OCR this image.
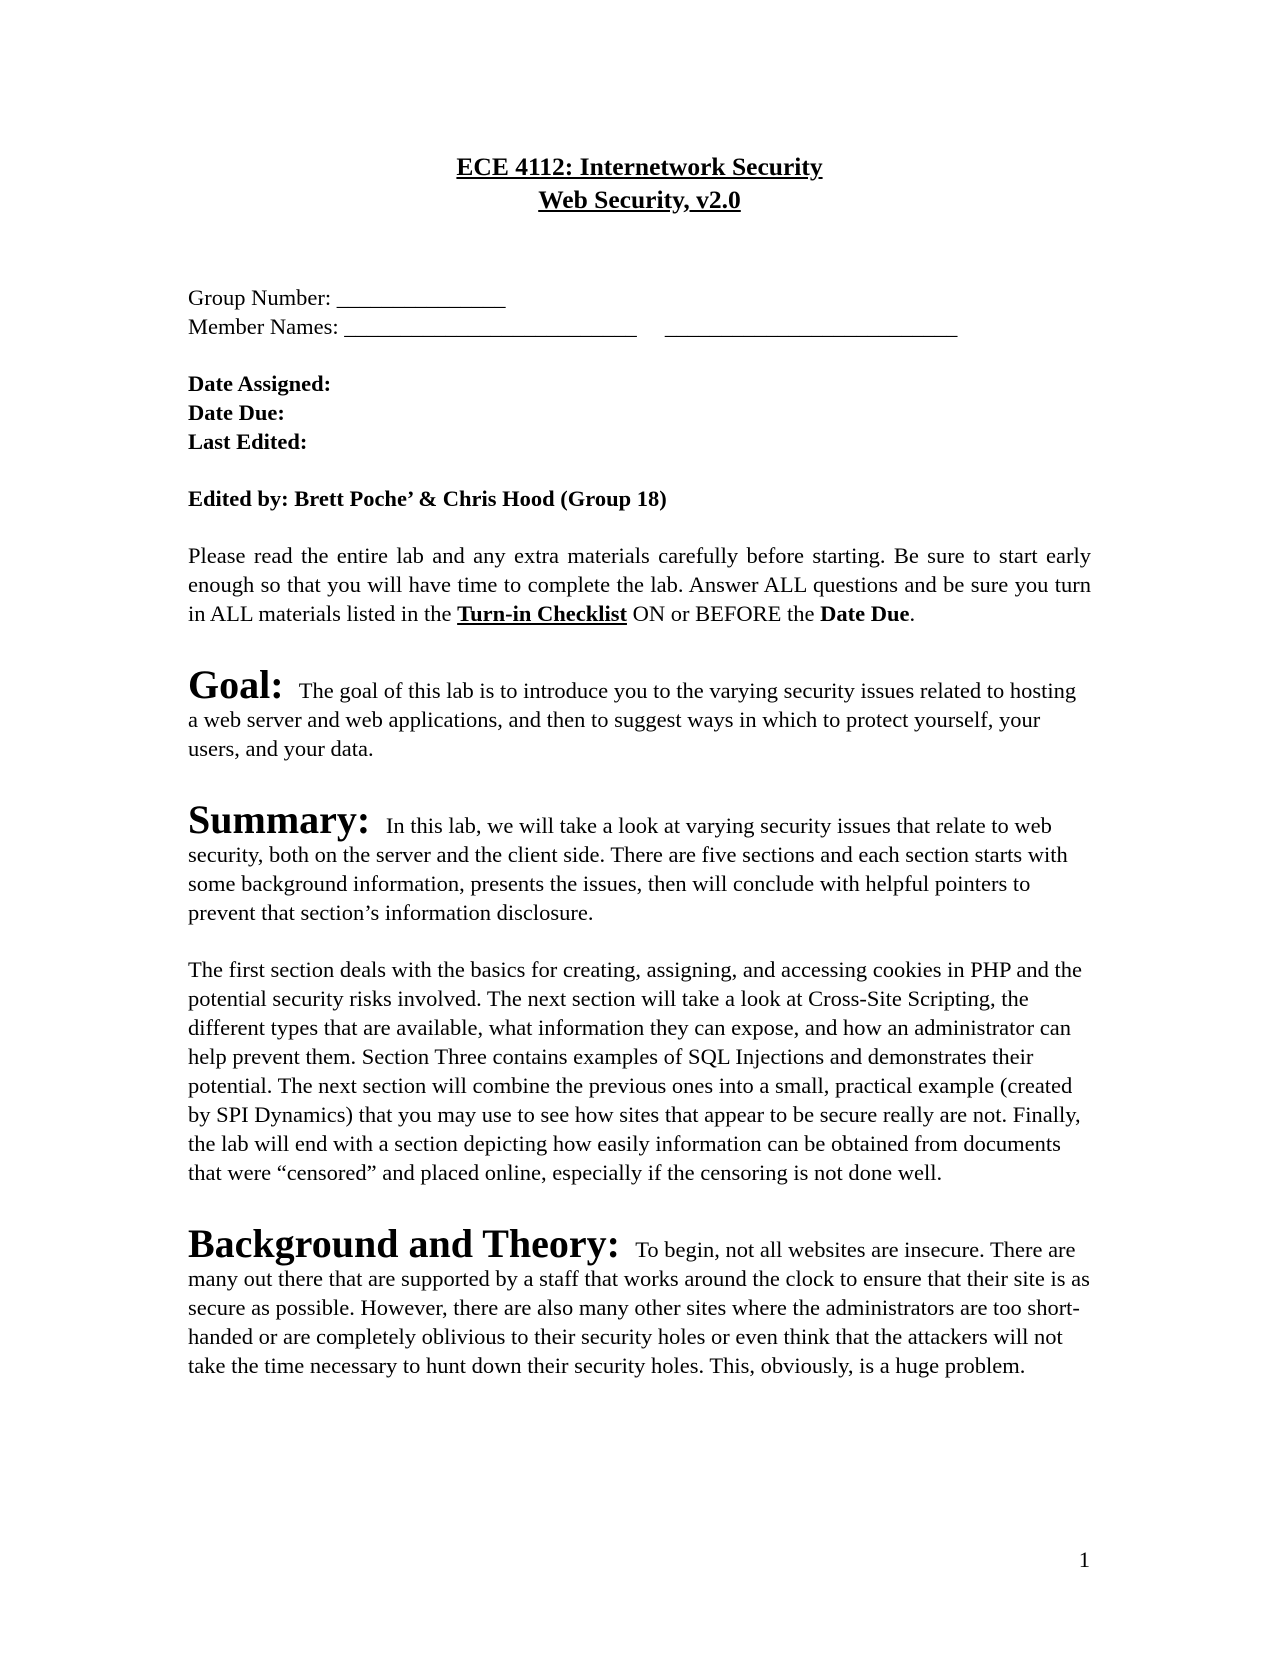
ECE 4112: Internetwork Security
Web Security, v2.0
Group Number: _______________
Member Names: __________________________     __________________________
Date Assigned:
Date Due:
Last Edited:
Edited by: Brett Poche’ & Chris Hood (Group 18)
Please read the entire lab and any extra materials carefully before starting. Be sure to start early enough so that you will have time to complete the lab. Answer ALL questions and be sure you turn in ALL materials listed in the Turn-in Checklist ON or BEFORE the Date Due.
Goal: The goal of this lab is to introduce you to the varying security issues related to hosting a web server and web applications, and then to suggest ways in which to protect yourself, your users, and your data.
Summary: In this lab, we will take a look at varying security issues that relate to web security, both on the server and the client side. There are five sections and each section starts with some background information, presents the issues, then will conclude with helpful pointers to prevent that section’s information disclosure.
The first section deals with the basics for creating, assigning, and accessing cookies in PHP and the potential security risks involved. The next section will take a look at Cross-Site Scripting, the different types that are available, what information they can expose, and how an administrator can help prevent them. Section Three contains examples of SQL Injections and demonstrates their potential. The next section will combine the previous ones into a small, practical example (created by SPI Dynamics) that you may use to see how sites that appear to be secure really are not. Finally, the lab will end with a section depicting how easily information can be obtained from documents that were “censored” and placed online, especially if the censoring is not done well.
Background and Theory: To begin, not all websites are insecure. There are many out there that are supported by a staff that works around the clock to ensure that their site is as secure as possible. However, there are also many other sites where the administrators are too short-handed or are completely oblivious to their security holes or even think that the attackers will not take the time necessary to hunt down their security holes. This, obviously, is a huge problem.
1
